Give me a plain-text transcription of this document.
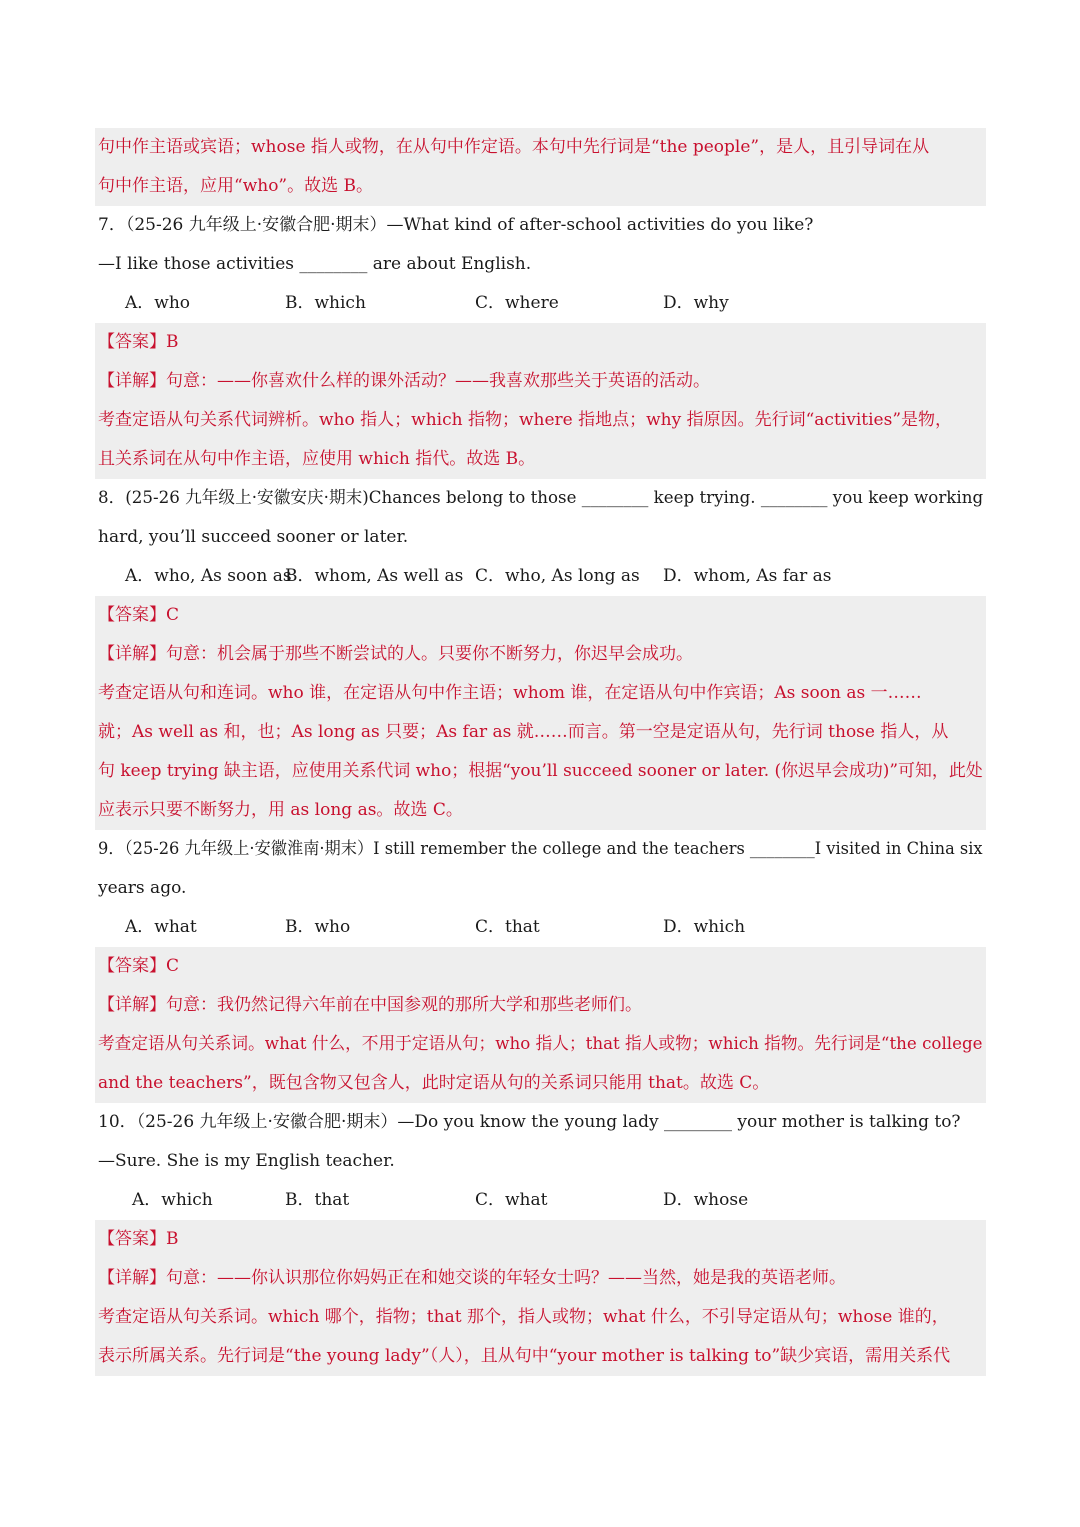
句中作主语或宾语；whose 指人或物，在从句中作定语。本句中先行词是“the people”，是人，且引导词在从
句中作主语，应用“who”。故选 B。
7．（25-26 九年级上·安徽合肥·期末）—What kind of after-school activities do you like?
—I like those activities ________ are about English.
A．who	B．which	C．where	D．why
【答案】B
【详解】句意：——你喜欢什么样的课外活动？——我喜欢那些关于英语的活动。
考查定语从句关系代词辨析。who 指人；which 指物；where 指地点；why 指原因。先行词“activities”是物，
且关系词在从句中作主语，应使用 which 指代。故选 B。
8．(25-26 九年级上·安徽安庆·期末)Chances belong to those ________ keep trying. ________ you keep working
hard, you’ll succeed sooner or later.
A．who, As soon as
B．whom, As well as C．who, As long as D．whom, As far as
【答案】C
【详解】句意：机会属于那些不断尝试的人。只要你不断努力，你迟早会成功。
考查定语从句和连词。who 谁，在定语从句中作主语；whom 谁，在定语从句中作宾语；As soon as 一……
就；As well as 和，也；As long as 只要；As far as 就……而言。第一空是定语从句，先行词 those 指人，从
句 keep trying 缺主语，应使用关系代词 who；根据“you’ll succeed sooner or later. (你迟早会成功)”可知，此处
应表示只要不断努力，用 as long as。故选 C。
9．（25-26 九年级上·安徽淮南·期末）I still remember the college and the teachers ________I visited in China six
years ago.
A．what	B．who	C．that	D．which
【答案】C
【详解】句意：我仍然记得六年前在中国参观的那所大学和那些老师们。
考查定语从句关系词。what 什么，不用于定语从句；who 指人；that 指人或物；which 指物。先行词是“the college
and the teachers”，既包含物又包含人，此时定语从句的关系词只能用 that。故选 C。
10．（25-26 九年级上·安徽合肥·期末）—Do you know the young lady ________ your mother is talking to?
—Sure. She is my English teacher.
A．which	B．that	C．what	D．whose
【答案】B
【详解】句意：——你认识那位你妈妈正在和她交谈的年轻女士吗？——当然，她是我的英语老师。
考查定语从句关系词。which 哪个，指物；that 那个，指人或物；what 什么，不引导定语从句；whose 谁的，
表示所属关系。先行词是“the young lady”（人），且从句中“your mother is talking to”缺少宾语，需用关系代
